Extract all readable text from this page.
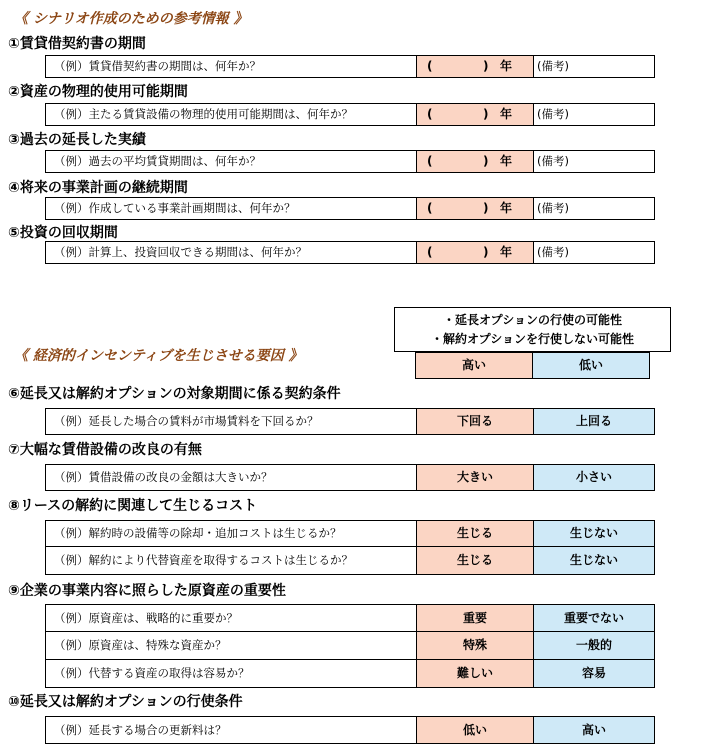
《 シナリオ作成のための参考情報 》
①賃貸借契約書の期間
（例）賃貸借契約書の期間は、何年か？	(	) 年 (備考)
②資産の物理的使用可能期間
（例）主たる賃貸設備の物理的使用可能期間は、何年か？	(	) 年 (備考)
③過去の延長した実績
（例）過去の平均賃貸期間は、何年か？	(	) 年 (備考)
④将来の事業計画の継続期間
（例）作成している事業計画期間は、何年か？	(	) 年 (備考)
⑤投資の回収期間
（例）計算上、投資回収できる期間は、何年か？	(	) 年 (備考)
・延長オプションの行使の可能性
・解約オプションを行使しない可能性
《 経済的インセンティブを生じさせる要因 》
高い	低い
⑥延長又は解約オプションの対象期間に係る契約条件
（例）延長した場合の賃料が市場賃料を下回るか？	下回る	上回る
⑦大幅な賃借設備の改良の有無
（例）賃借設備の改良の金額は大きいか？	大きい	小さい
⑧リースの解約に関連して生じるコスト
（例）解約時の設備等の除却・追加コストは生じるか？	生じる	生じない
（例）解約により代替資産を取得するコストは生じるか？	生じる	生じない
⑨企業の事業内容に照らした原資産の重要性
（例）原資産は、戦略的に重要か？	重要	重要でない
（例）原資産は、特殊な資産か？	特殊	一般的
（例）代替する資産の取得は容易か？	難しい	容易
⑩延長又は解約オプションの行使条件
（例）延長する場合の更新料は？	低い	高い
